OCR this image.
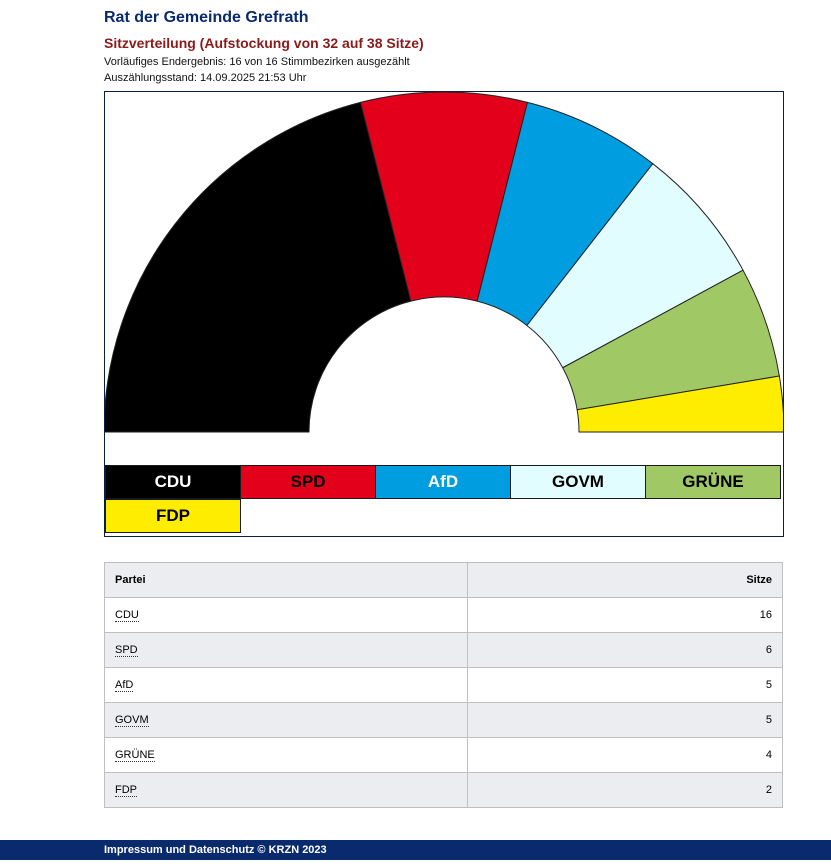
Rat der Gemeinde Grefrath
Sitzverteilung (Aufstockung von 32 auf 38 Sitze)
Vorläufiges Endergebnis: 16 von 16 Stimmbezirken ausgezählt
Auszählungsstand: 14.09.2025 21:53 Uhr
CDU	SPD	AfD	GOVM	GRÜNE
FDP
Partei	Sitze
CDU	16
SPD	6
AfD	5
GOVM	5
GRÜNE	4
FDP	2
Impressum und Datenschutz © KRZN 2023
